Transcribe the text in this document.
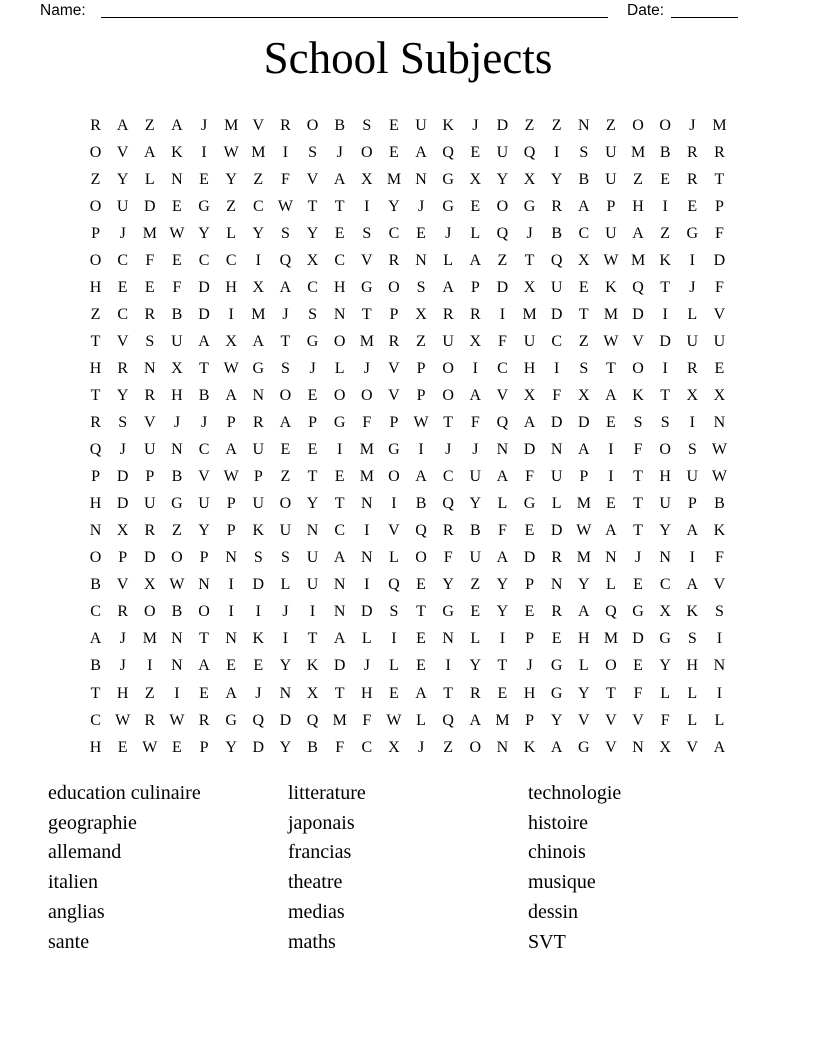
Name:	Date:
School Subjects
R	A	Z	A	J	M V	R	O	B	S	E	U K	J	D	Z	Z	N	Z	O O	J	M
O V A K	I	W M	I	S	J	O	E	A Q	E	U Q	I	S	U M B	R	R
Z	Y	L	N	E	Y	Z	F	V A X M N G X Y X Y	B	U	Z	E	R	T
O U D	E	G	Z	C W T	T	I	Y	J	G	E	O G	R	A	P	H	I	E	P
P	J	M W Y	L	Y	S	Y	E	S	C	E	J	L	Q	J	B	C	U A	Z	G	F
O	C	F	E	C	C	I	Q X	C	V	R	N	L	A	Z	T	Q X W M K	I	D
H	E	E	F	D H X A	C	H G O	S	A	P	D X U	E	K Q	T	J	F
Z	C	R	B	D	I	M	J	S	N	T	P	X	R	R	I	M D	T M D	I	L	V
T	V	S	U A X A	T	G O M R	Z	U X	F	U	C	Z W V D U U
H	R	N X	T W G	S	J	L	J	V	P	O	I	C	H	I	S	T	O	I	R	E
T	Y	R	H	B	A N O	E	O O V	P	O A V X	F	X A K	T	X X
R	S	V	J	J	P	R	A	P	G	F	P W T	F	Q A D D	E	S	S	I	N
Q	J	U N	C	A U	E	E	I	M G	I	J	J	N D N A	I	F	O	S W
P	D	P	B	V W P	Z	T	E M O A	C	U A	F	U	P	I	T	H U W
H D U G U	P	U O Y	T	N	I	B	Q Y	L	G	L M E	T	U	P	B
N X	R	Z	Y	P	K U N	C	I	V Q	R	B	F	E	D W A	T	Y A K
O	P	D O	P	N	S	S	U A N	L	O	F	U A D	R M N	J	N	I	F
B	V X W N	I	D	L	U N	I	Q	E	Y	Z	Y	P	N Y	L	E	C	A V
C	R	O	B	O	I	I	J	I	N D	S	T	G	E	Y	E	R	A Q G X K	S
A	J	M N	T	N K	I	T	A	L	I	E	N	L	I	P	E	H M D G	S	I
B	J	I	N A	E	E	Y K D	J	L	E	I	Y	T	J	G	L	O	E	Y H N
T	H	Z	I	E	A	J	N X	T	H	E	A	T	R	E	H G Y	T	F	L	L	I
C W R W R	G Q D Q M F W L	Q A M P	Y V V V	F	L	L
H	E W E	P	Y D Y	B	F	C	X	J	Z	O N K A G V N X V A
education culinaire
geographie
allemand
italien
anglias
sante
litterature
japonais
francias
theatre
medias
maths
technologie
histoire
chinois
musique
dessin
SVT
